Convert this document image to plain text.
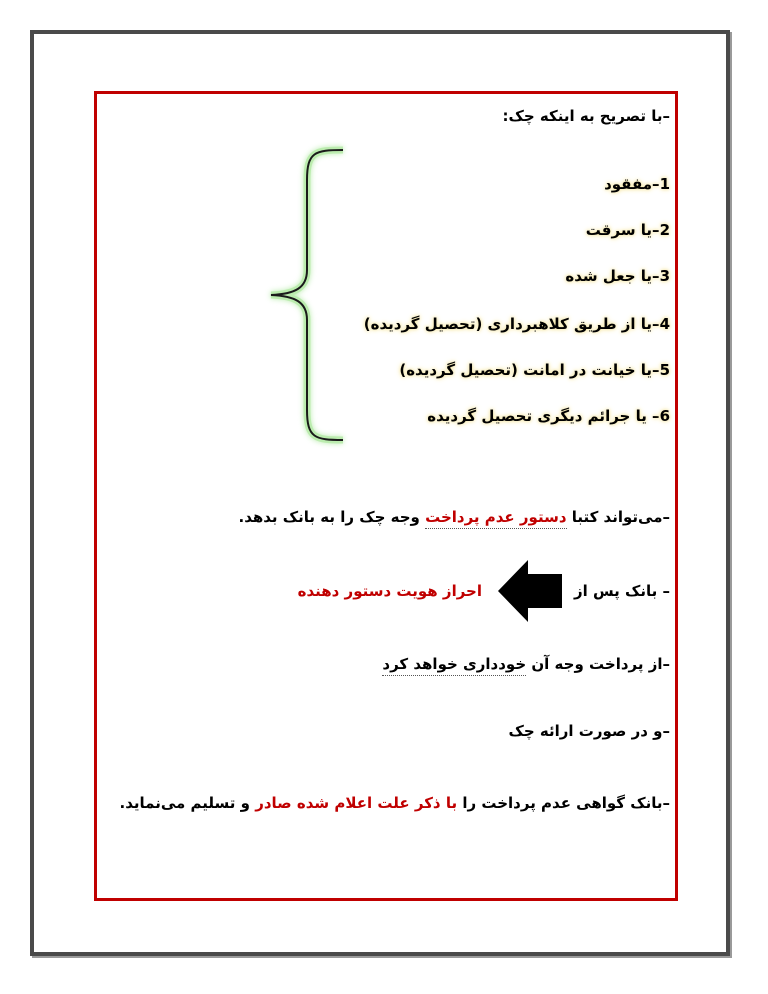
–با تصریح به اینکه چک:
1–مفقود
2–یا سرقت
3–یا جعل شده
4–یا از طریق کلاهبرداری (تحصیل گردیده)
5–یا خیانت در امانت (تحصیل گردیده)
6– یا جرائم دیگری تحصیل گردیده
–می‌تواند کتبا دستور عدم پرداخت وجه چک را به بانک بدهد.
– بانک پس از
احراز هویت دستور دهنده
–از پرداخت وجه آن خودداری خواهد کرد
–و در صورت ارائه چک
–بانک گواهی عدم پرداخت را با ذکر علت اعلام شده صادر و تسلیم می‌نماید.
